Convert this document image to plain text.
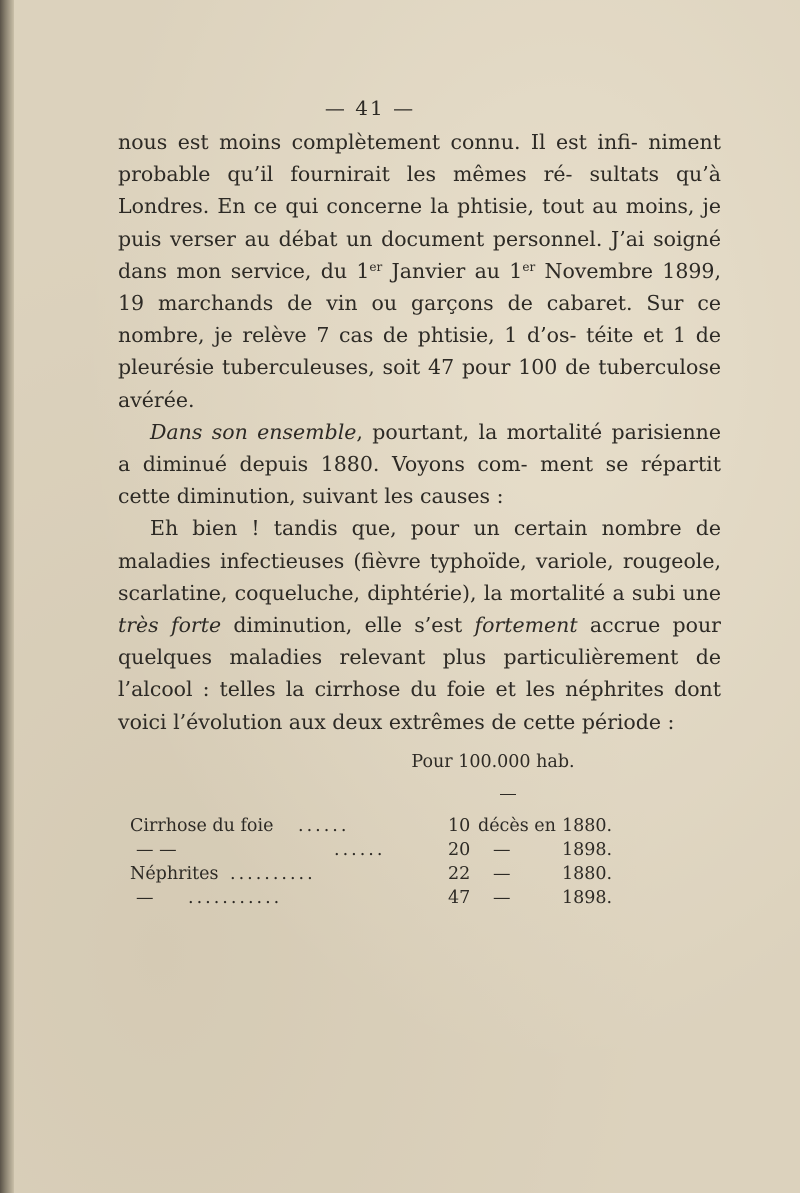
— 41 —

nous est moins complètement connu. Il est infi- niment probable qu’il fournirait les mêmes ré- sultats qu’à Londres. En ce qui concerne la phtisie, tout au moins, je puis verser au débat un document personnel. J’ai soigné dans mon service, du 1er Janvier au 1er Novembre 1899, 19 marchands de vin ou garçons de cabaret. Sur ce nombre, je relève 7 cas de phtisie, 1 d’os- téite et 1 de pleurésie tuberculeuses, soit 47 pour 100 de tuberculose avérée.

Dans son ensemble, pourtant, la mortalité parisienne a diminué depuis 1880. Voyons com- ment se répartit cette diminution, suivant les causes :

Eh bien ! tandis que, pour un certain nombre de maladies infectieuses (fièvre typhoïde, variole, rougeole, scarlatine, coqueluche, diphtérie), la mortalité a subi une très forte diminution, elle s’est fortement accrue pour quelques maladies relevant plus particulièrement de l’alcool : telles la cirrhose du foie et les néphrites dont voici l’évolution aux deux extrêmes de cette période :

Pour 100.000 hab.
Cirrhose du foie ......	10 décès en 1880.
— —	......	20 —	1898.
Néphrites ..........	22 —	1880.
— ...........	47 —	1898.
